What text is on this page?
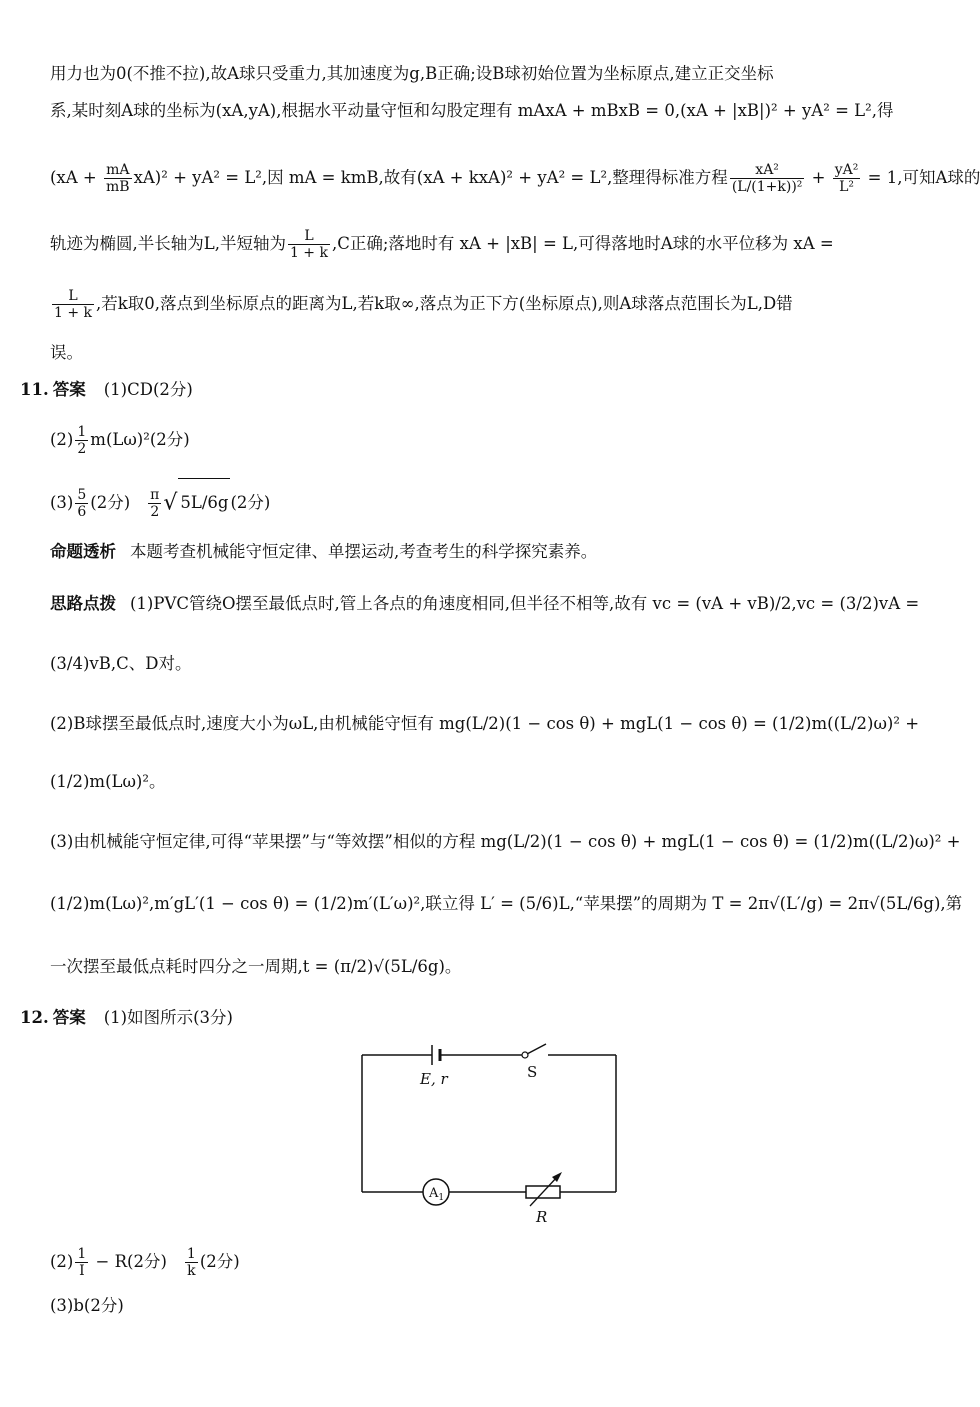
用力也为0(不推不拉),故A球只受重力,其加速度为g,B正确;设B球初始位置为坐标原点,建立正交坐标
系,某时刻A球的坐标为(xA,yA),根据水平动量守恒和勾股定理有 mAxA + mBxB = 0,(xA + |xB|)² + yA² = L²,得
$(xA + \frac{mA}{mB} xA)^2 + yA^2 = L^2$,因 mA = kmB,故有(xA + kxA)² + yA² = L²,整理得标准方程 $\frac{\text{xA²}}{\text{(L/(1+k))²}} + \frac{\text{yA²}}{\text{L²}} = 1$,可知A球的
轨迹为椭圆,半长轴为L,半短轴为 $\frac{L}{1 + k} ,C$正确;落地时有 xA + |xB| = L,可得落地时A球的水平位移为 xA =
$\frac{L}{1 + k}$ ,若k取0,落点到坐标原点的距离为L,若k取∞,落点为正下方(坐标原点),则A球落点范围长为L,D错
误。
11. 答案 (1)CD(2分)
$(2) \frac{1}{2} m(L\omega)^2(2$分)
$(3) \frac{5}{6} (2$分) $\frac{\pi}{2}$ √ 5L/6g (2分)
命题透析 本题考查机械能守恒定律、单摆运动,考查考生的科学探究素养。
思路点拨 (1)PVC管绕O摆至最低点时,管上各点的角速度相同,但半径不相等,故有 vc = (vA + vB)/2,vc = (3/2)vA =
(3/4)vB,C、D对。
(2)B球摆至最低点时,速度大小为ωL,由机械能守恒有 mg(L/2)(1 − cos θ) + mgL(1 − cos θ) = (1/2)m((L/2)ω)² +
(1/2)m(Lω)²。
(3)由机械能守恒定律,可得“苹果摆”与“等效摆”相似的方程 mg(L/2)(1 − cos θ) + mgL(1 − cos θ) = (1/2)m((L/2)ω)² +
(1/2)m(Lω)²,m′gL′(1 − cos θ) = (1/2)m′(L′ω)²,联立得 L′ = (5/6)L,“苹果摆”的周期为 T = 2π√(L′/g) = 2π√(5L/6g),第
一次摆至最低点耗时四分之一周期,t = (π/2)√(5L/6g)。
12. 答案 (1)如图所示(3分)
E, r	S
$A_1$
R
$(2) \frac{1}{I} - R(2$分) $\frac{1}{k} (2$分)
(3)b(2分)
